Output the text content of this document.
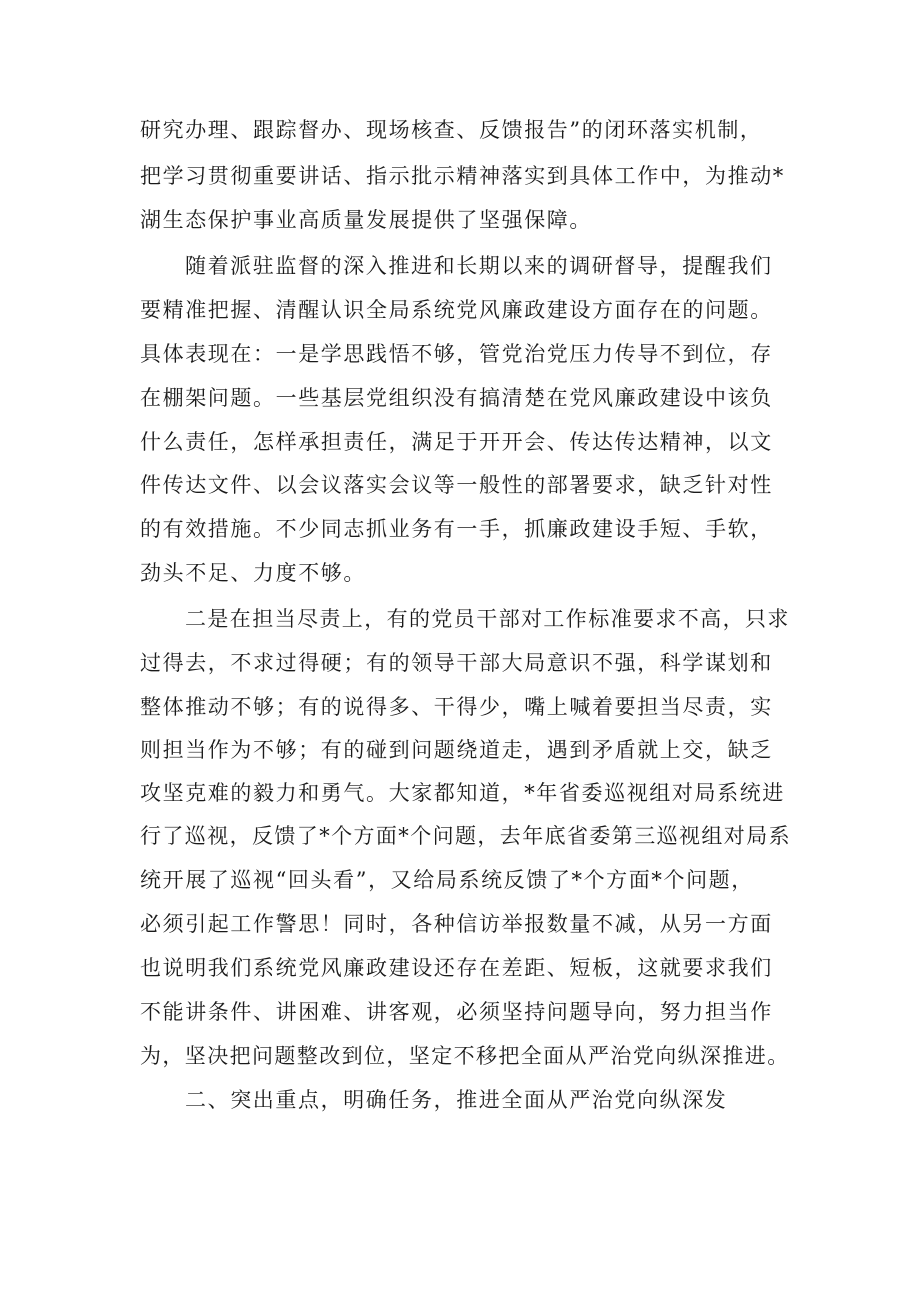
研究办理、跟踪督办、现场核查、反馈报告”的闭环落实机制，
把学习贯彻重要讲话、指示批示精神落实到具体工作中，为推动*
湖生态保护事业高质量发展提供了坚强保障。
随着派驻监督的深入推进和长期以来的调研督导，提醒我们
要精准把握、清醒认识全局系统党风廉政建设方面存在的问题。
具体表现在：一是学思践悟不够，管党治党压力传导不到位，存
在棚架问题。一些基层党组织没有搞清楚在党风廉政建设中该负
什么责任，怎样承担责任，满足于开开会、传达传达精神，以文
件传达文件、以会议落实会议等一般性的部署要求，缺乏针对性
的有效措施。不少同志抓业务有一手，抓廉政建设手短、手软，
劲头不足、力度不够。
二是在担当尽责上，有的党员干部对工作标准要求不高，只求
过得去，不求过得硬；有的领导干部大局意识不强，科学谋划和
整体推动不够；有的说得多、干得少，嘴上喊着要担当尽责，实
则担当作为不够；有的碰到问题绕道走，遇到矛盾就上交，缺乏
攻坚克难的毅力和勇气。大家都知道，*年省委巡视组对局系统进
行了巡视，反馈了*个方面*个问题，去年底省委第三巡视组对局系
统开展了巡视“回头看”，又给局系统反馈了*个方面*个问题，
必须引起工作警思！同时，各种信访举报数量不减，从另一方面
也说明我们系统党风廉政建设还存在差距、短板，这就要求我们
不能讲条件、讲困难、讲客观，必须坚持问题导向，努力担当作
为，坚决把问题整改到位，坚定不移把全面从严治党向纵深推进。
二、突出重点，明确任务，推进全面从严治党向纵深发
